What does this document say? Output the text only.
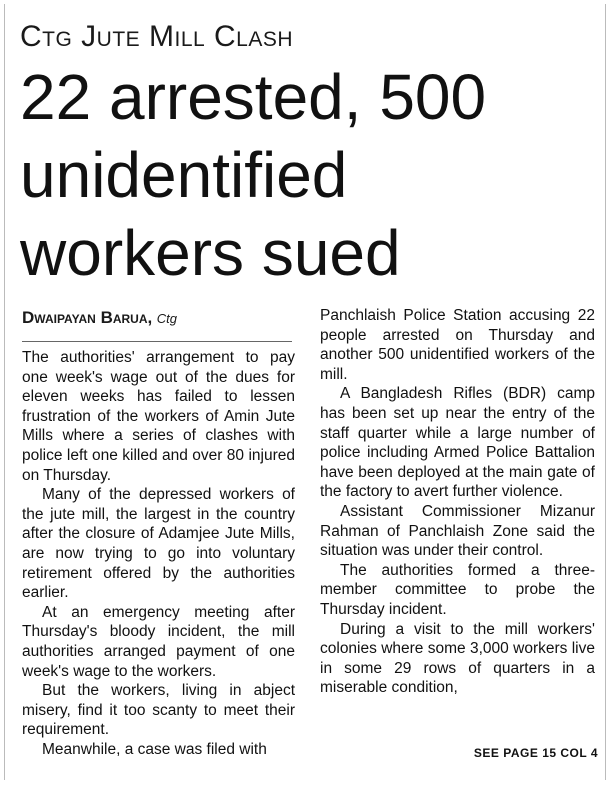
Ctg Jute Mill Clash
22 arrested, 500
unidentified
workers sued
Dwaipayan Barua, Ctg

The authorities' arrangement to pay one week's wage out of the dues for eleven weeks has failed to lessen frustration of the workers of Amin Jute Mills where a series of clashes with police left one killed and over 80 injured on Thursday.

Many of the depressed workers of the jute mill, the largest in the country after the closure of Adamjee Jute Mills, are now trying to go into voluntary retirement offered by the authorities earlier.

At an emergency meeting after Thursday's bloody incident, the mill authorities arranged payment of one week's wage to the workers.

But the workers, living in abject misery, find it too scanty to meet their requirement.

Meanwhile, a case was filed with

Panchlaish Police Station accusing 22 people arrested on Thursday and another 500 unidentified workers of the mill.

A Bangladesh Rifles (BDR) camp has been set up near the entry of the staff quarter while a large number of police including Armed Police Battalion have been deployed at the main gate of the factory to avert further violence.

Assistant Commissioner Mizanur Rahman of Panchlaish Zone said the situation was under their control.

The authorities formed a three-member committee to probe the Thursday incident.

During a visit to the mill workers' colonies where some 3,000 workers live in some 29 rows of quarters in a miserable condition,

SEE PAGE 15 COL 4
